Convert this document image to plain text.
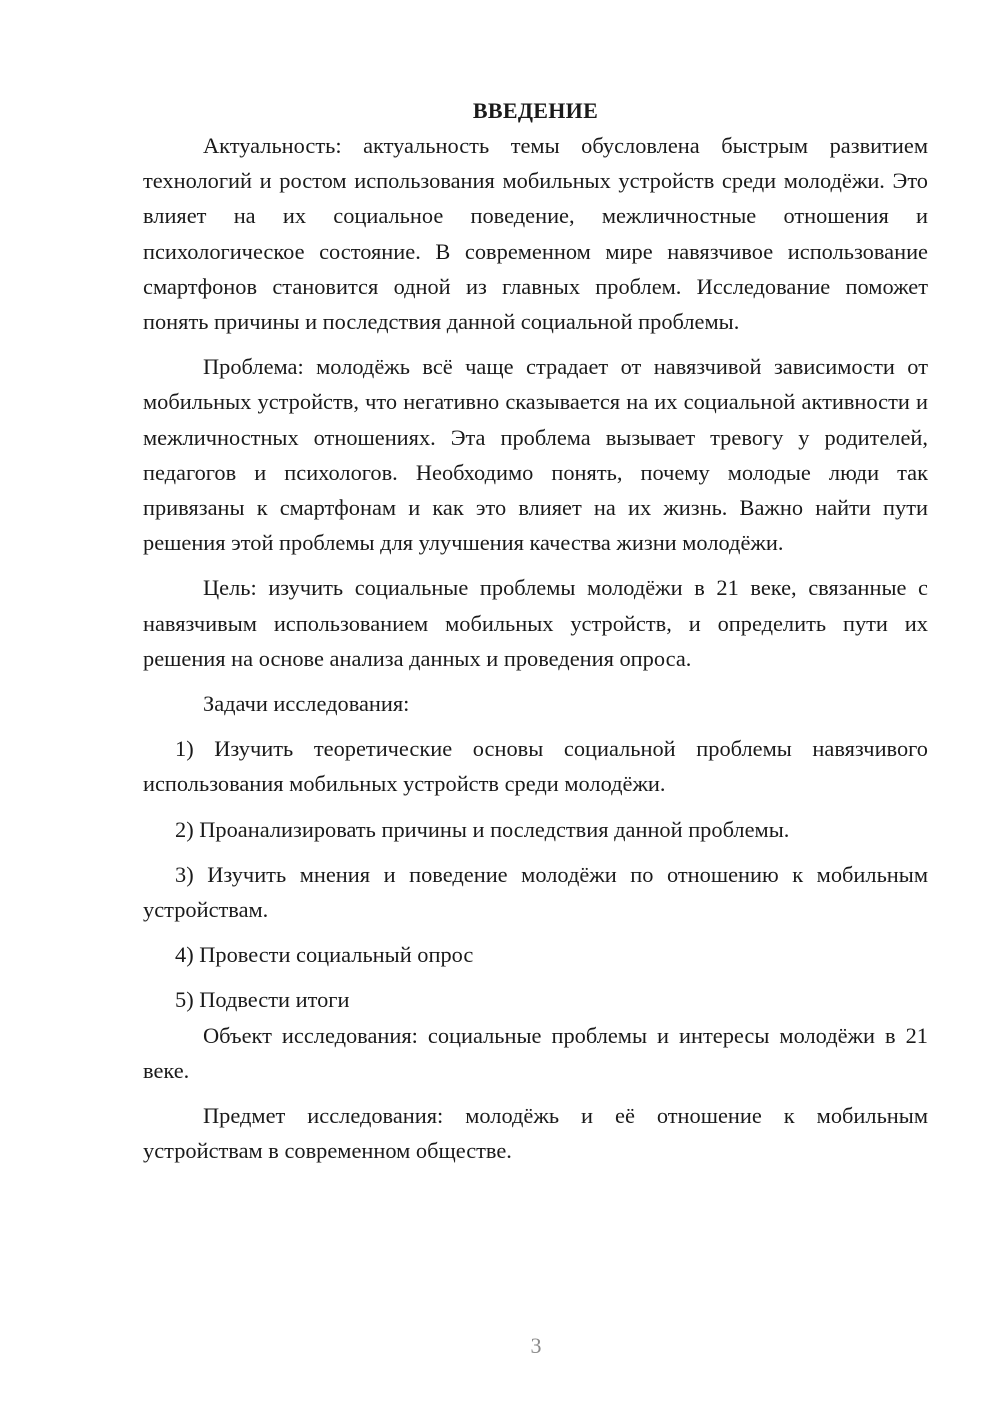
ВВЕДЕНИЕ

Актуальность: актуальность темы обусловлена быстрым развитием технологий и ростом использования мобильных устройств среди молодёжи. Это влияет на их социальное поведение, межличностные отношения и психологическое состояние. В современном мире навязчивое использование смартфонов становится одной из главных проблем. Исследование поможет понять причины и последствия данной социальной проблемы.

Проблема: молодёжь всё чаще страдает от навязчивой зависимости от мобильных устройств, что негативно сказывается на их социальной активности и межличностных отношениях. Эта проблема вызывает тревогу у родителей, педагогов и психологов. Необходимо понять, почему молодые люди так привязаны к смартфонам и как это влияет на их жизнь. Важно найти пути решения этой проблемы для улучшения качества жизни молодёжи.

Цель: изучить социальные проблемы молодёжи в 21 веке, связанные с навязчивым использованием мобильных устройств, и определить пути их решения на основе анализа данных и проведения опроса.

Задачи исследования:

1) Изучить теоретические основы социальной проблемы навязчивого использования мобильных устройств среди молодёжи.

2) Проанализировать причины и последствия данной проблемы.

3) Изучить мнения и поведение молодёжи по отношению к мобильным устройствам.

4) Провести социальный опрос

5) Подвести итоги

Объект исследования: социальные проблемы и интересы молодёжи в 21 веке.

Предмет исследования: молодёжь и её отношение к мобильным устройствам в современном обществе.

3
